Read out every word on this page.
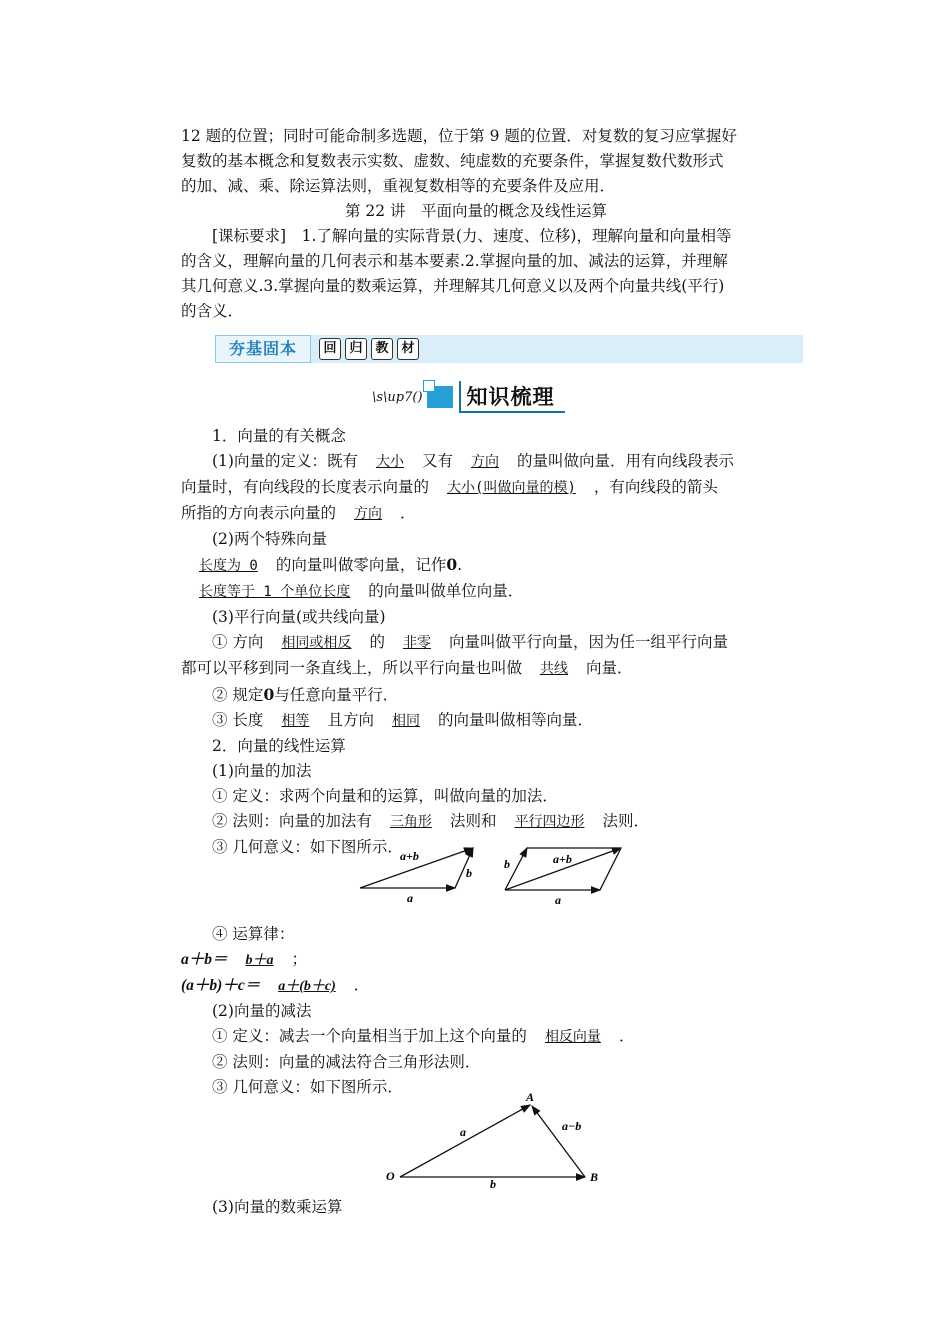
12 题的位置；同时可能命制多选题，位于第 9 题的位置．对复数的复习应掌握好

复数的基本概念和复数表示实数、虚数、纯虚数的充要条件，掌握复数代数形式

的加、减、乘、除运算法则，重视复数相等的充要条件及应用．

第 22 讲　平面向量的概念及线性运算

[课标要求]　1.了解向量的实际背景(力、速度、位移)，理解向量和向量相等

的含义，理解向量的几何表示和基本要素.2.掌握向量的加、减法的运算，并理解

其几何意义.3.掌握向量的数乘运算，并理解其几何意义以及两个向量共线(平行)

的含义．

夯基固本	回 归 教 材
\s\up7()	知识梳理

1．向量的有关概念

(1)向量的定义：既有 大小 又有 方向 的量叫做向量．用有向线段表示

向量时，有向线段的长度表示向量的 大小(叫做向量的模) ，有向线段的箭头

所指的方向表示向量的 方向 ．

(2)两个特殊向量

长度为 0 的向量叫做零向量，记作0.

长度等于 1 个单位长度 的向量叫做单位向量．

(3)平行向量(或共线向量)

① 方向 相同或相反 的 非零 向量叫做平行向量，因为任一组平行向量

都可以平移到同一条直线上，所以平行向量也叫做 共线 向量．

② 规定0与任意向量平行．

③ 长度 相等 且方向 相同 的向量叫做相等向量．

2．向量的线性运算

(1)向量的加法

① 定义：求两个向量和的运算，叫做向量的加法．

② 法则：向量的加法有 三角形 法则和 平行四边形 法则．

③ 几何意义：如下图所示．

a+b
b
a
b	a+b
a

④ 运算律：

a＋b＝ b＋a ；

(a＋b)＋c＝ a＋(b＋c) ．

(2)向量的减法

① 定义：减去一个向量相当于加上这个向量的 相反向量 ．

② 法则：向量的减法符合三角形法则．

③ 几何意义：如下图所示．

A
O	B
a
b
a−b

(3)向量的数乘运算
